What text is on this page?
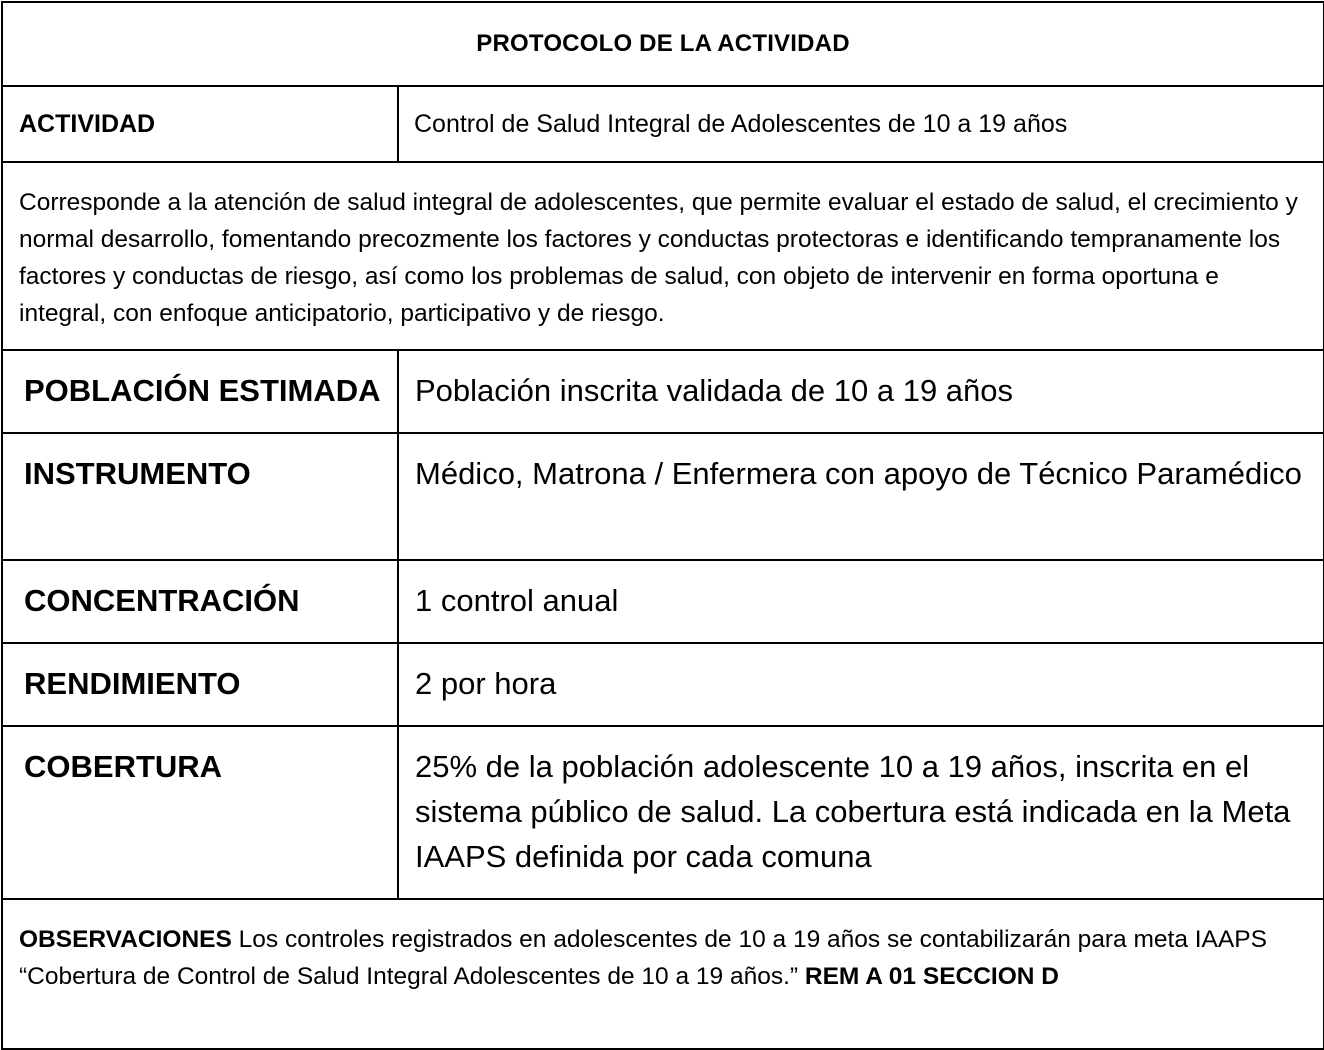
PROTOCOLO DE LA ACTIVIDAD	
ACTIVIDAD	Control de Salud Integral de Adolescentes de 10 a 19 años
Corresponde a la atención de salud integral de adolescentes, que permite evaluar el estado de salud, el crecimiento y normal desarrollo, fomentando precozmente los factores y conductas protectoras e identificando tempranamente los factores y conductas de riesgo, así como los problemas de salud, con objeto de intervenir en forma oportuna e integral, con enfoque anticipatorio, participativo y de riesgo.	
POBLACIÓN ESTIMADA	Población inscrita validada de 10 a 19 años
INSTRUMENTO	Médico, Matrona / Enfermera con apoyo de Técnico Paramédico
CONCENTRACIÓN	1 control anual
RENDIMIENTO	2 por hora
COBERTURA	25% de la población adolescente 10 a 19 años, inscrita en el sistema público de salud. La cobertura está indicada en la Meta IAAPS definida por cada comuna
OBSERVACIONES Los controles registrados en adolescentes de 10 a 19 años se contabilizarán para meta IAAPS “Cobertura de Control de Salud Integral Adolescentes de 10 a 19 años.” REM A 01 SECCION D	
